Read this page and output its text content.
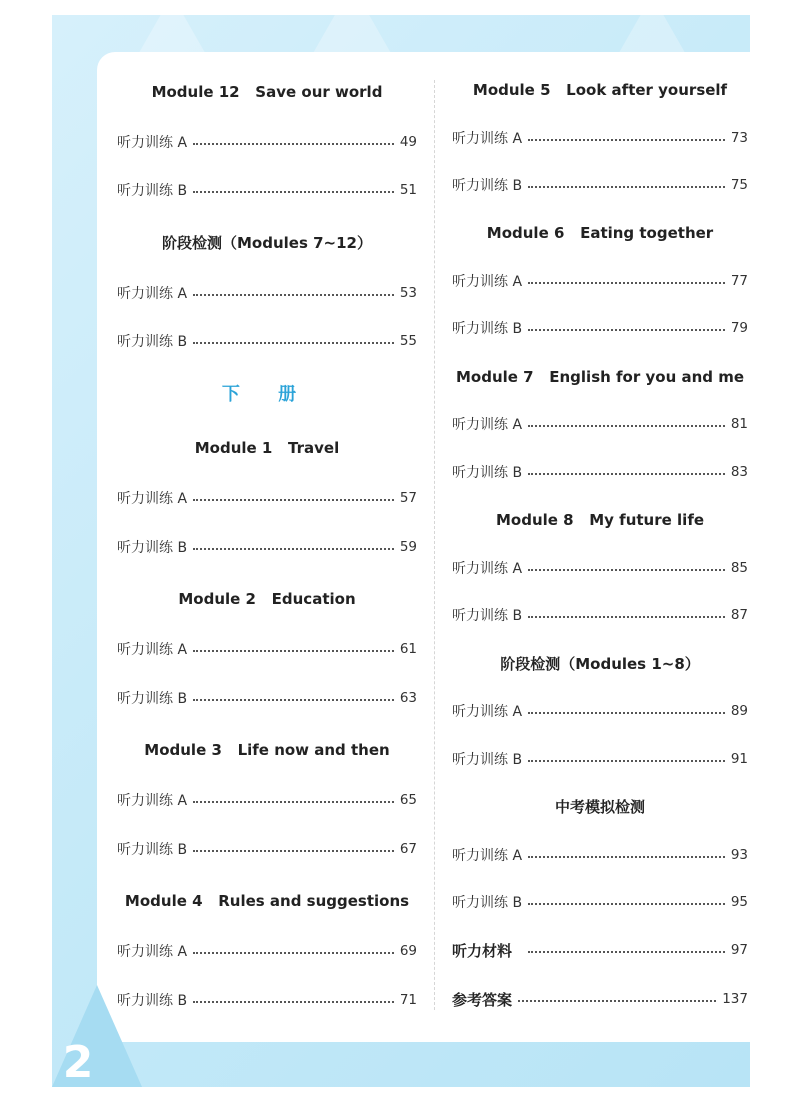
2
Module 12   Save our world
听力训练 A	49
听力训练 B	51
阶段检测（Modules 7~12）
听力训练 A	53
听力训练 B	55
下 册
Module 1   Travel
听力训练 A	57
听力训练 B	59
Module 2   Education
听力训练 A	61
听力训练 B	63
Module 3   Life now and then
听力训练 A	65
听力训练 B	67
Module 4   Rules and suggestions
听力训练 A	69
听力训练 B	71
Module 5   Look after yourself
听力训练 A	73
听力训练 B	75
Module 6   Eating together
听力训练 A	77
听力训练 B	79
Module 7   English for you and me
听力训练 A	81
听力训练 B	83
Module 8   My future life
听力训练 A	85
听力训练 B	87
阶段检测（Modules 1~8）
听力训练 A	89
听力训练 B	91
中考模拟检测
听力训练 A	93
听力训练 B	95
听力材料	97
参考答案	137
